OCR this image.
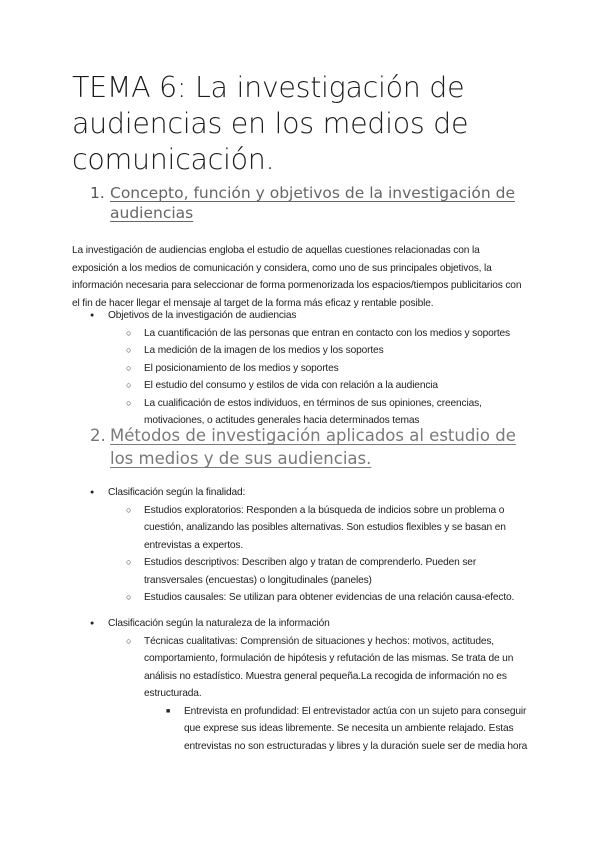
TEMA 6: La investigación de audiencias en los medios de comunicación.
1. Concepto, función y objetivos de la investigación de audiencias

La investigación de audiencias engloba el estudio de aquellas cuestiones relacionadas con la exposición a los medios de comunicación y considera, como uno de sus principales objetivos, la información necesaria para seleccionar de forma pormenorizada los espacios/tiempos publicitarios con el fin de hacer llegar el mensaje al target de la forma más eficaz y rentable posible.

● Objetivos de la investigación de audiencias
○ La cuantificación de las personas que entran en contacto con los medios y soportes
○ La medición de la imagen de los medios y los soportes
○ El posicionamiento de los medios y soportes
○ El estudio del consumo y estilos de vida con relación a la audiencia
○ La cualificación de estos individuos, en términos de sus opiniones, creencias, motivaciones, o actitudes generales hacia determinados temas
2. Métodos de investigación aplicados al estudio de los medios y de sus audiencias.
● Clasificación según la finalidad:
○ Estudios exploratorios: Responden a la búsqueda de indicios sobre un problema o cuestión, analizando las posibles alternativas. Son estudios flexibles y se basan en entrevistas a expertos.
○ Estudios descriptivos: Describen algo y tratan de comprenderlo. Pueden ser transversales (encuestas) o longitudinales (paneles)
○ Estudios causales: Se utilizan para obtener evidencias de una relación causa-efecto.
● Clasificación según la naturaleza de la información
○ Técnicas cualitativas: Comprensión de situaciones y hechos: motivos, actitudes, comportamiento, formulación de hipótesis y refutación de las mismas. Se trata de un análisis no estadístico. Muestra general pequeña.La recogida de información no es estructurada.
■ Entrevista en profundidad: El entrevistador actúa con un sujeto para conseguir que exprese sus ideas libremente. Se necesita un ambiente relajado. Estas entrevistas no son estructuradas y libres y la duración suele ser de media hora
